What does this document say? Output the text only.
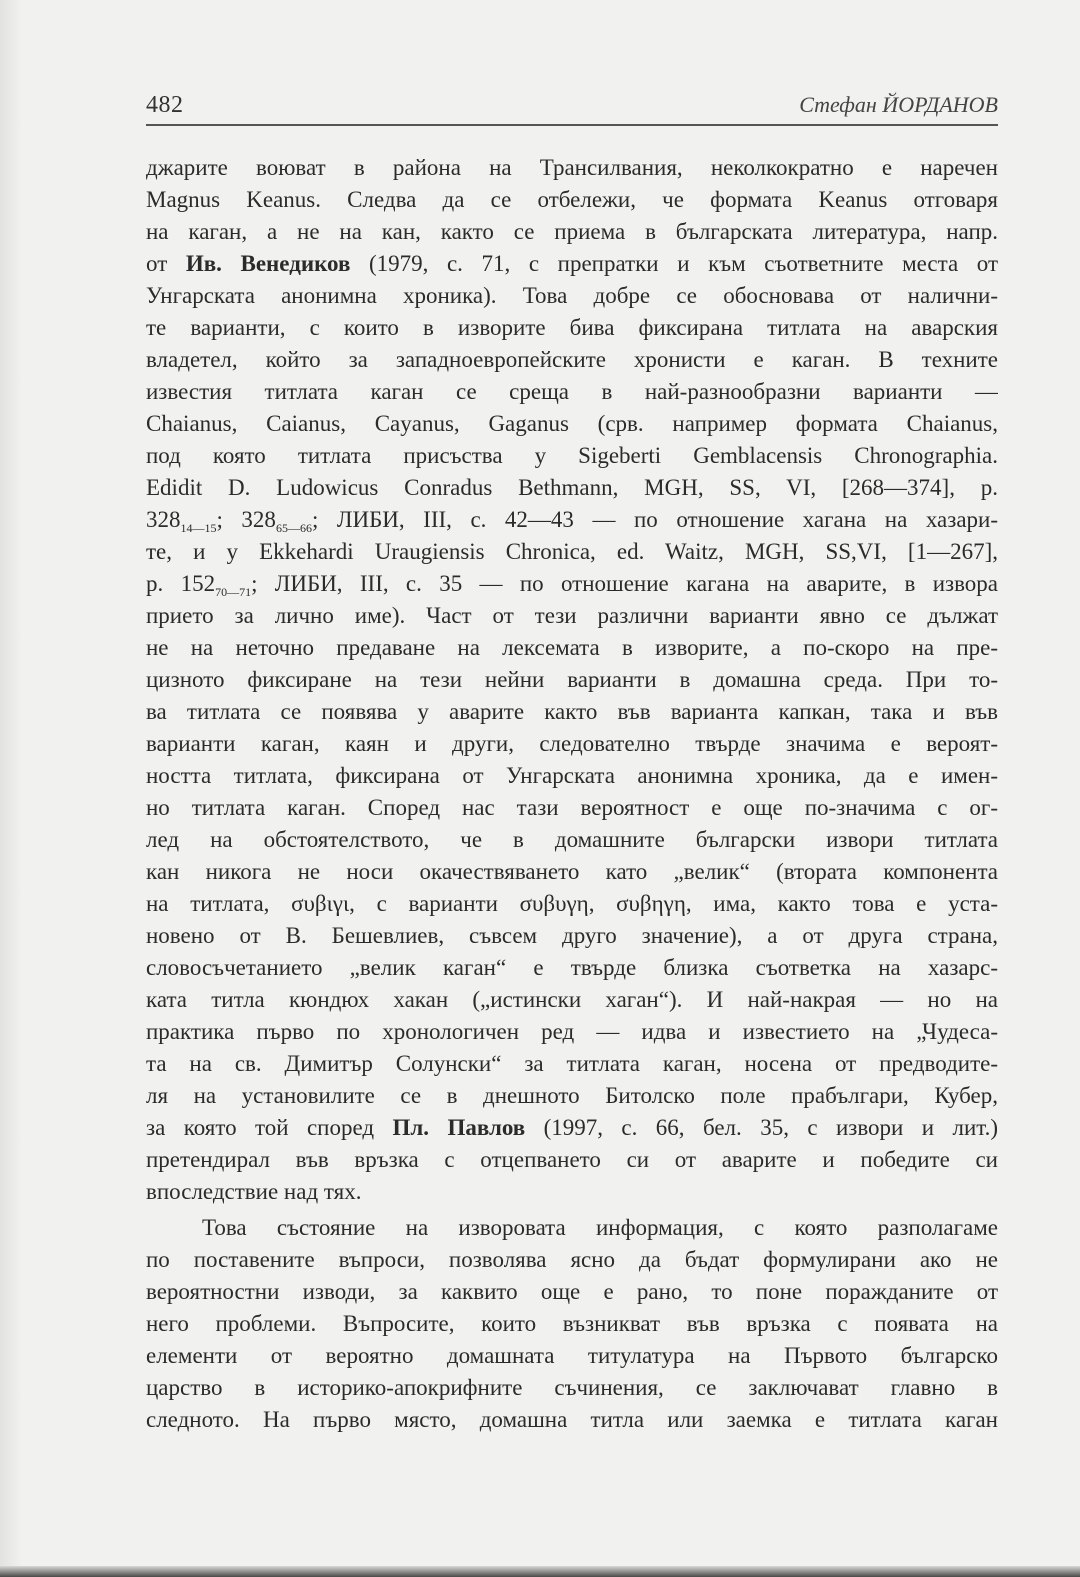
482	Стефан ЙОРДАНОВ
джарите воюват в района на Трансилвания, неколкократно е наречен
Magnus Keanus. Следва да се отбележи, че формата Keanus отговаря
на каган, а не на кан, както се приема в българската литература, напр.
от Ив. Венедиков (1979, с. 71, с препратки и към съответните места от
Унгарската анонимна хроника). Това добре се обосновава от налични-
те варианти, с които в изворите бива фиксирана титлата на аварския
владетел, който за западноевропейските хронисти е каган. В техните
известия титлата каган се среща в най-разнообразни варианти —
Chaianus, Caianus, Cayanus, Gaganus (срв. например формата Chaianus,
под която титлата присъства у Sigeberti Gemblacensis Chronographia.
Edidit D. Ludowicus Conradus Bethmann, MGH, SS, VI, [268—374], p.
$328_{14—15}$; $328_{65—66}$; ЛИБИ, III, с. 42—43 — по отношение хагана на хазари-
те, и у Ekkehardi Uraugiensis Chronica, ed. Waitz, MGH, SS,VI, [1—267],
p. $152_{70—71}$; ЛИБИ, III, с. 35 — по отношение кагана на аварите, в извора
прието за лично име). Част от тези различни варианти явно се дължат
не на неточно предаване на лексемата в изворите, а по-скоро на пре-
цизното фиксиране на тези нейни варианти в домашна среда. При то-
ва титлата се появява у аварите както във варианта капкан, така и във
варианти каган, каян и други, следователно твърде значима е вероят-
ността титлата, фиксирана от Унгарската анонимна хроника, да е имен-
но титлата каган. Според нас тази вероятност е още по-значима с ог-
лед на обстоятелството, че в домашните български извори титлата
кан никога не носи окачествяването като „велик“ (втората компонента
на титлата, συβιγι, с варианти συβυγη, συβηγη, има, както това е уста-
новено от В. Бешевлиев, съвсем друго значение), а от друга страна,
словосъчетанието „велик каган“ е твърде близка съответка на хазарс-
ката титла кюндюх хакан („истински хаган“). И най-накрая — но на
практика първо по хронологичен ред — идва и известието на „Чудеса-
та на св. Димитър Солунски“ за титлата каган, носена от предводите-
ля на установилите се в днешното Битолско поле прабългари, Кубер,
за която той според Пл. Павлов (1997, с. 66, бел. 35, с извори и лит.)
претендирал във връзка с отцепването си от аварите и победите си
впоследствие над тях.
Това състояние на изворовата информация, с която разполагаме
по поставените въпроси, позволява ясно да бъдат формулирани ако не
вероятностни изводи, за каквито още е рано, то поне поражданите от
него проблеми. Въпросите, които възникват във връзка с появата на
елементи от вероятно домашната титулатура на Първото българско
царство в историко-апокрифните съчинения, се заключават главно в
следното. На първо място, домашна титла или заемка е титлата каган
